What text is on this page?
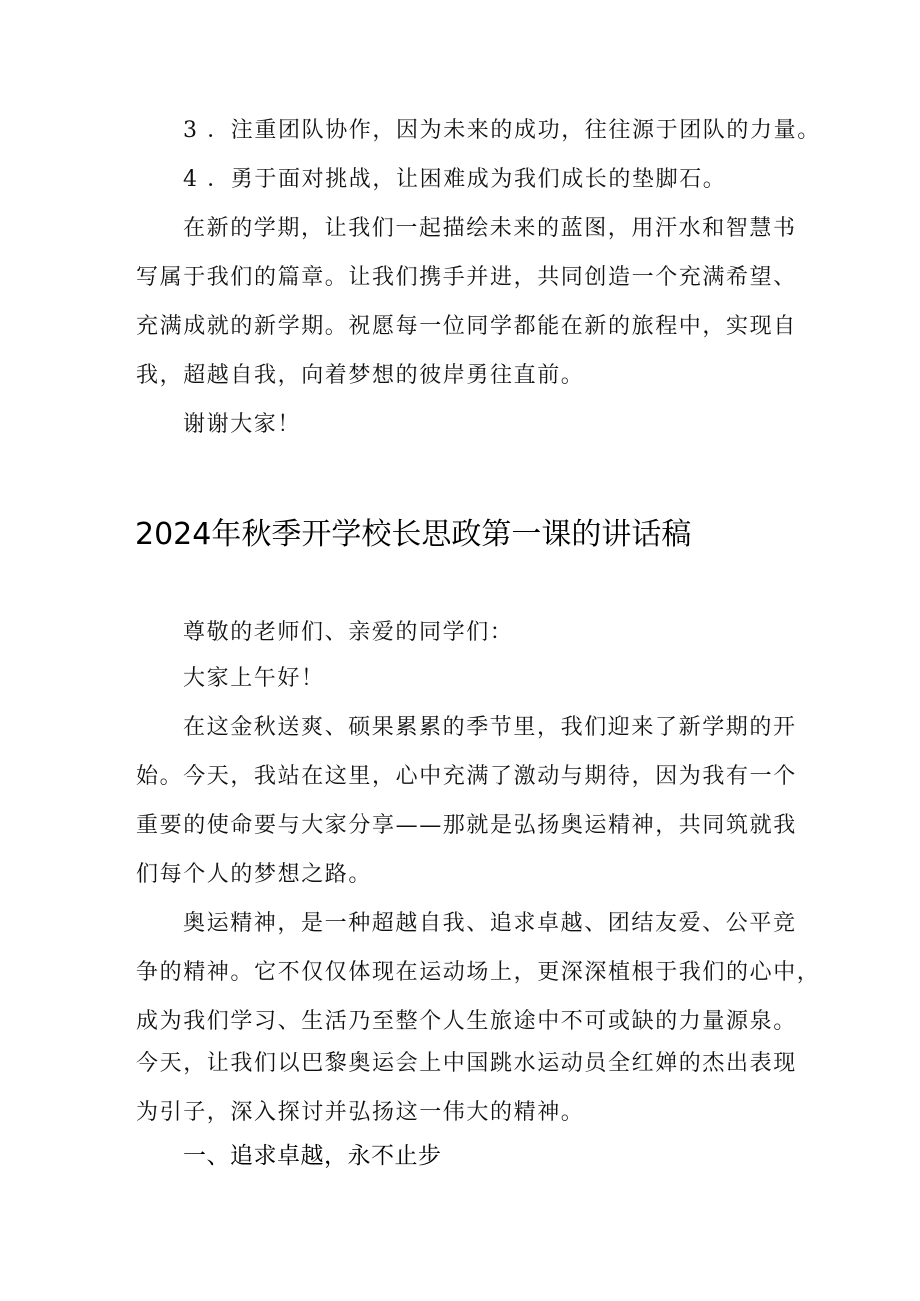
3 ．注重团队协作，因为未来的成功，往往源于团队的力量。
4 ．勇于面对挑战，让困难成为我们成长的垫脚石。
在新的学期，让我们一起描绘未来的蓝图，用汗水和智慧书
写属于我们的篇章。让我们携手并进，共同创造一个充满希望、
充满成就的新学期。祝愿每一位同学都能在新的旅程中，实现自
我，超越自我，向着梦想的彼岸勇往直前。
谢谢大家！
2024年秋季开学校长思政第一课的讲话稿
尊敬的老师们、亲爱的同学们：
大家上午好！
在这金秋送爽、硕果累累的季节里，我们迎来了新学期的开
始。今天，我站在这里，心中充满了激动与期待，因为我有一个
重要的使命要与大家分享——那就是弘扬奥运精神，共同筑就我
们每个人的梦想之路。
奥运精神，是一种超越自我、追求卓越、团结友爱、公平竞
争的精神。它不仅仅体现在运动场上，更深深植根于我们的心中，
成为我们学习、生活乃至整个人生旅途中不可或缺的力量源泉。
今天，让我们以巴黎奥运会上中国跳水运动员全红婵的杰出表现
为引子，深入探讨并弘扬这一伟大的精神。
一、追求卓越，永不止步
